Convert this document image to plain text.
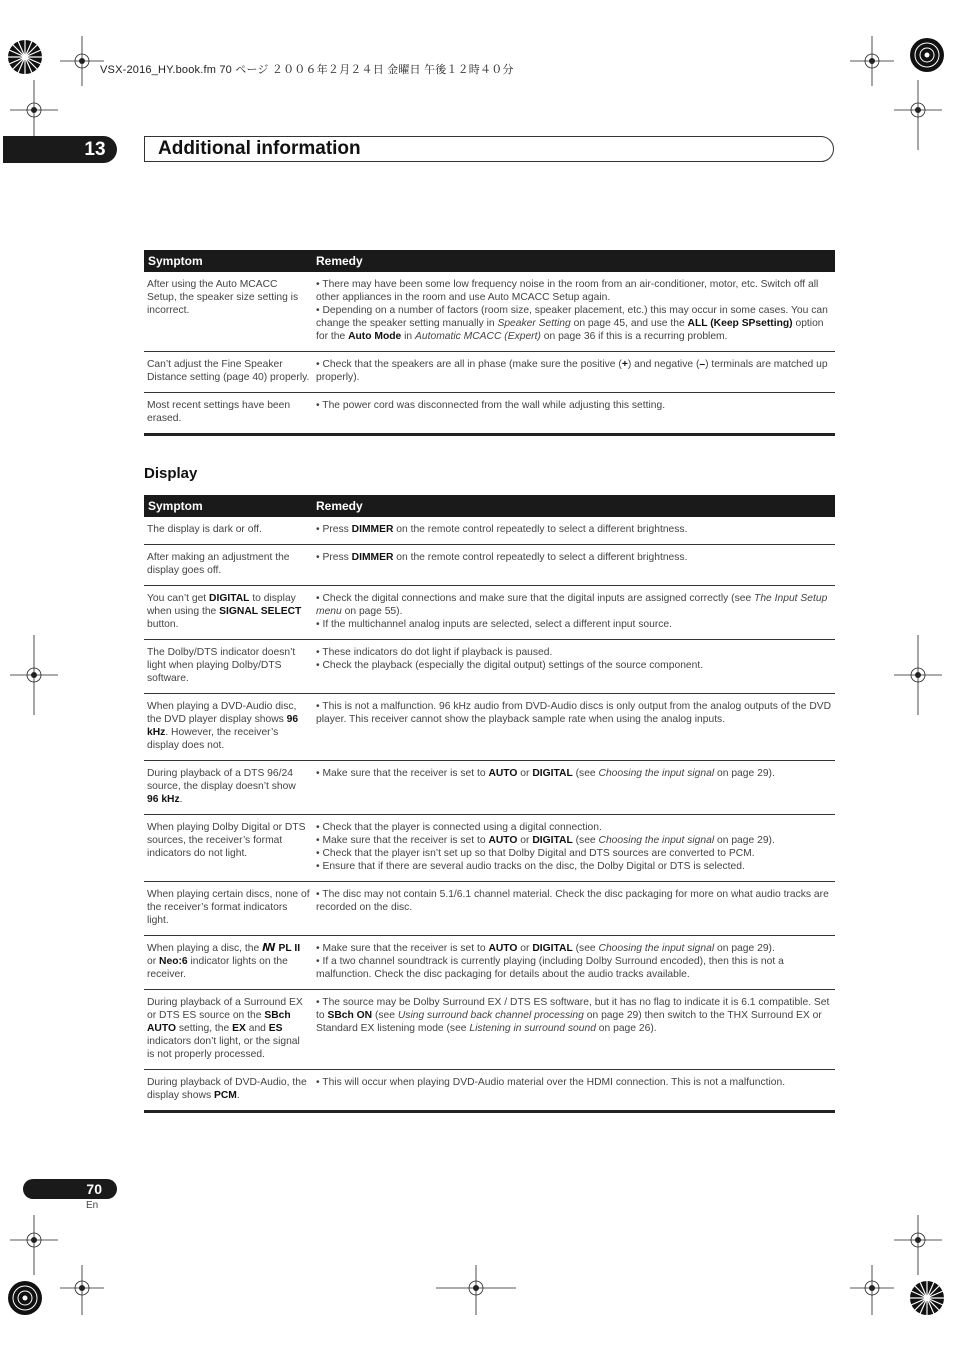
VSX-2016_HY.book.fm 70 ページ ２００６年２月２４日 金曜日 午後１２時４０分
13	Additional information
Symptom	Remedy
After using the Auto MCACC Setup, the speaker size setting is incorrect.	• There may have been some low frequency noise in the room from an air-conditioner, motor, etc. Switch off all other appliances in the room and use Auto MCACC Setup again.
• Depending on a number of factors (room size, speaker placement, etc.) this may occur in some cases. You can change the speaker setting manually in Speaker Setting on page 45, and use the ALL (Keep SPsetting) option for the Auto Mode in Automatic MCACC (Expert) on page 36 if this is a recurring problem.

Can’t adjust the Fine Speaker Distance setting (page 40) properly.	• Check that the speakers are all in phase (make sure the positive (+) and negative (–) terminals are matched up properly).

Most recent settings have been erased.	• The power cord was disconnected from the wall while adjusting this setting.
Display
Symptom	Remedy
The display is dark or off.	• Press DIMMER on the remote control repeatedly to select a different brightness.

After making an adjustment the display goes off.	• Press DIMMER on the remote control repeatedly to select a different brightness.

You can’t get DIGITAL to display when using the SIGNAL SELECT button.	• Check the digital connections and make sure that the digital inputs are assigned correctly (see The Input Setup menu on page 55).
• If the multichannel analog inputs are selected, select a different input source.

The Dolby/DTS indicator doesn’t light when playing Dolby/DTS software.	• These indicators do dot light if playback is paused.
• Check the playback (especially the digital output) settings of the source component.

When playing a DVD-Audio disc, the DVD player display shows 96 kHz. However, the receiver’s display does not.	• This is not a malfunction. 96 kHz audio from DVD-Audio discs is only output from the analog outputs of the DVD player. This receiver cannot show the playback sample rate when using the analog inputs.

During playback of a DTS 96/24 source, the display doesn’t show 96 kHz.	• Make sure that the receiver is set to AUTO or DIGITAL (see Choosing the input signal on page 29).

When playing Dolby Digital or DTS sources, the receiver’s format indicators do not light.	• Check that the player is connected using a digital connection.
• Make sure that the receiver is set to AUTO or DIGITAL (see Choosing the input signal on page 29).
• Check that the player isn’t set up so that Dolby Digital and DTS sources are converted to PCM.
• Ensure that if there are several audio tracks on the disc, the Dolby Digital or DTS is selected.

When playing certain discs, none of the receiver’s format indicators light.	• The disc may not contain 5.1/6.1 channel material. Check the disc packaging for more on what audio tracks are recorded on the disc.

When playing a disc, the ꟿ PL II or Neo:6 indicator lights on the receiver.	• Make sure that the receiver is set to AUTO or DIGITAL (see Choosing the input signal on page 29).
• If a two channel soundtrack is currently playing (including Dolby Surround encoded), then this is not a malfunction. Check the disc packaging for details about the audio tracks available.

During playback of a Surround EX or DTS ES source on the SBch AUTO setting, the EX and ES indicators don’t light, or the signal is not properly processed.	• The source may be Dolby Surround EX / DTS ES software, but it has no flag to indicate it is 6.1 compatible. Set to SBch ON (see Using surround back channel processing on page 29) then switch to the THX Surround EX or Standard EX listening mode (see Listening in surround sound on page 26).

During playback of DVD-Audio, the display shows PCM.	• This will occur when playing DVD-Audio material over the HDMI connection. This is not a malfunction.
70
En
